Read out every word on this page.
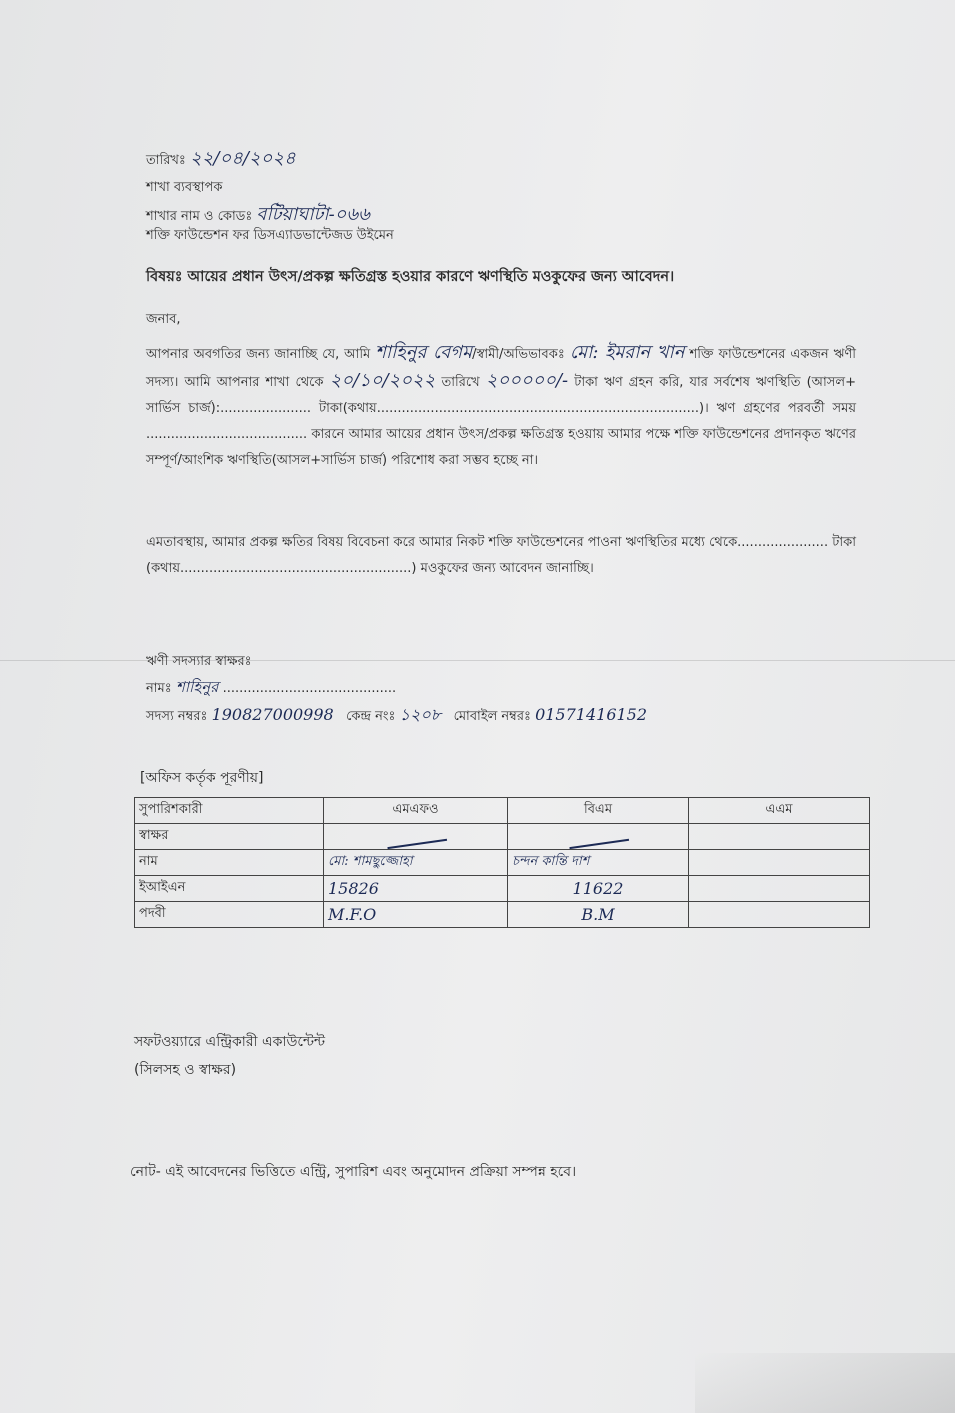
তারিখঃ ২২/০৪/২০২৪
শাখা ব্যবস্থাপক
শাখার নাম ও কোডঃ বটিয়াঘাটা-০৬৬
শক্তি ফাউন্ডেশন ফর ডিসএ্যাডভান্টেজড উইমেন
বিষয়ঃ আয়ের প্রধান উৎস/প্রকল্প ক্ষতিগ্রস্ত হওয়ার কারণে ঋণস্থিতি মওকুফের জন্য আবেদন।
জনাব,
আপনার অবগতির জন্য জানাচ্ছি যে, আমি শাহিনুর বেগম/স্বামী/অভিভাবকঃ মো: ইমরান খান শক্তি ফাউন্ডেশনের একজন ঋণী সদস্য। আমি আপনার শাখা থেকে ২০/১০/২০২২ তারিখে ২০০০০০/- টাকা ঋণ গ্রহন করি, যার সর্বশেষ ঋণস্থিতি (আসল+ সার্ভিস চার্জ):...................... টাকা(কথায়..............................................................................)। ঋণ গ্রহণের পরবর্তী সময় ....................................... কারনে আমার আয়ের প্রধান উৎস/প্রকল্প ক্ষতিগ্রস্ত হওয়ায় আমার পক্ষে শক্তি ফাউন্ডেশনের প্রদানকৃত ঋণের সম্পূর্ণ/আংশিক ঋণস্থিতি(আসল+সার্ভিস চার্জ) পরিশোধ করা সম্ভব হচ্ছে না।
এমতাবস্থায়, আমার প্রকল্প ক্ষতির বিষয় বিবেচনা করে আমার নিকট শক্তি ফাউন্ডেশনের পাওনা ঋণস্থিতির মধ্যে থেকে...................... টাকা (কথায়........................................................) মওকুফের জন্য আবেদন জানাচ্ছি।
ঋণী সদস্যার স্বাক্ষরঃ
নামঃ শাহিনুর ..........................................
সদস্য নম্বরঃ 190827000998 কেন্দ্র নংঃ ১২০৮ মোবাইল নম্বরঃ 01571416152
[অফিস কর্তৃক পূরণীয়]
সুপারিশকারী	এমএফও	বিএম	এএম
স্বাক্ষর			
নাম	মো: শামছুজ্জোহা	চন্দন কান্তি দাশ	
ইআইএন	15826	11622	
পদবী	M.F.O	B.M	
সফটওয়্যারে এন্ট্রিকারী একাউন্টেন্ট
(সিলসহ ও স্বাক্ষর)
নোট- এই আবেদনের ভিত্তিতে এন্ট্রি, সুপারিশ এবং অনুমোদন প্রক্রিয়া সম্পন্ন হবে।
